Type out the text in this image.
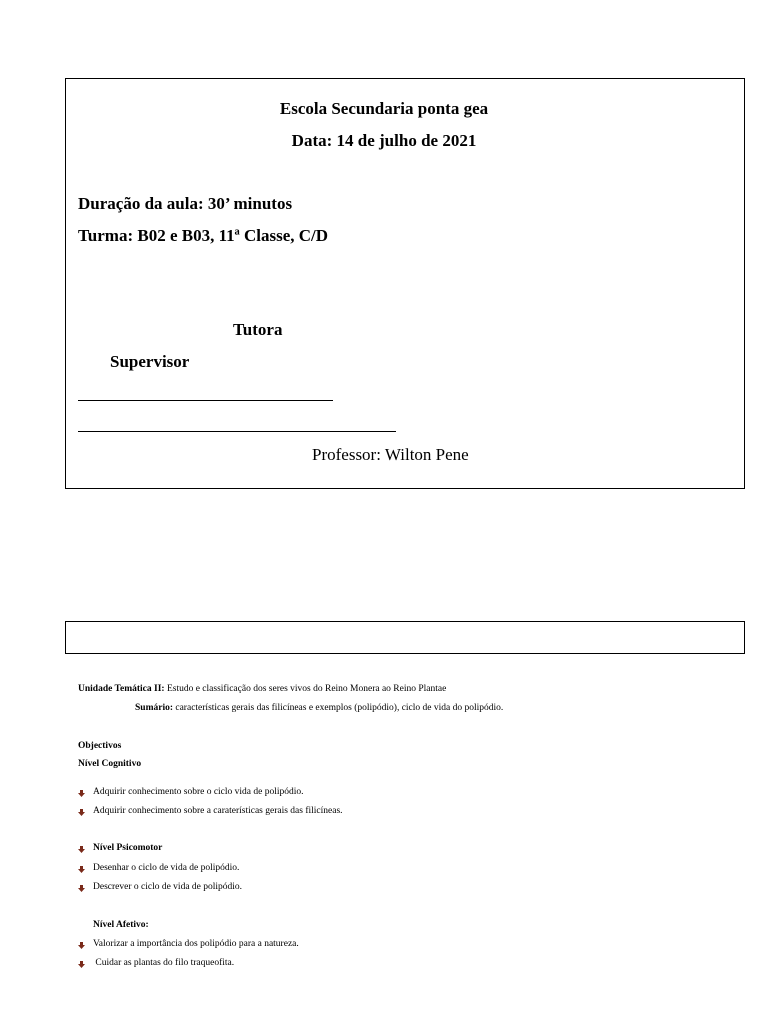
Escola Secundaria ponta gea
Data: 14 de julho de 2021
Duração da aula: 30’ minutos
Turma: B02 e B03, 11ª Classe, C/D
Tutora
Supervisor
Professor: Wilton Pene
Unidade Temática II: Estudo e classificação dos seres vivos do Reino Monera ao Reino Plantae
Sumário: características gerais das filicíneas e exemplos (polipódio), ciclo de vida do polipódio.
Objectivos
Nível Cognitivo
Adquirir conhecimento sobre o ciclo vida de polipódio.
Adquirir conhecimento sobre a caraterísticas gerais das filicíneas.
Nível Psicomotor
Desenhar o ciclo de vida de polipódio.
Descrever o ciclo de vida de polipódio.
Nível Afetivo:
Valorizar a importância dos polipódio para a natureza.
Cuidar as plantas do filo traqueofita.
